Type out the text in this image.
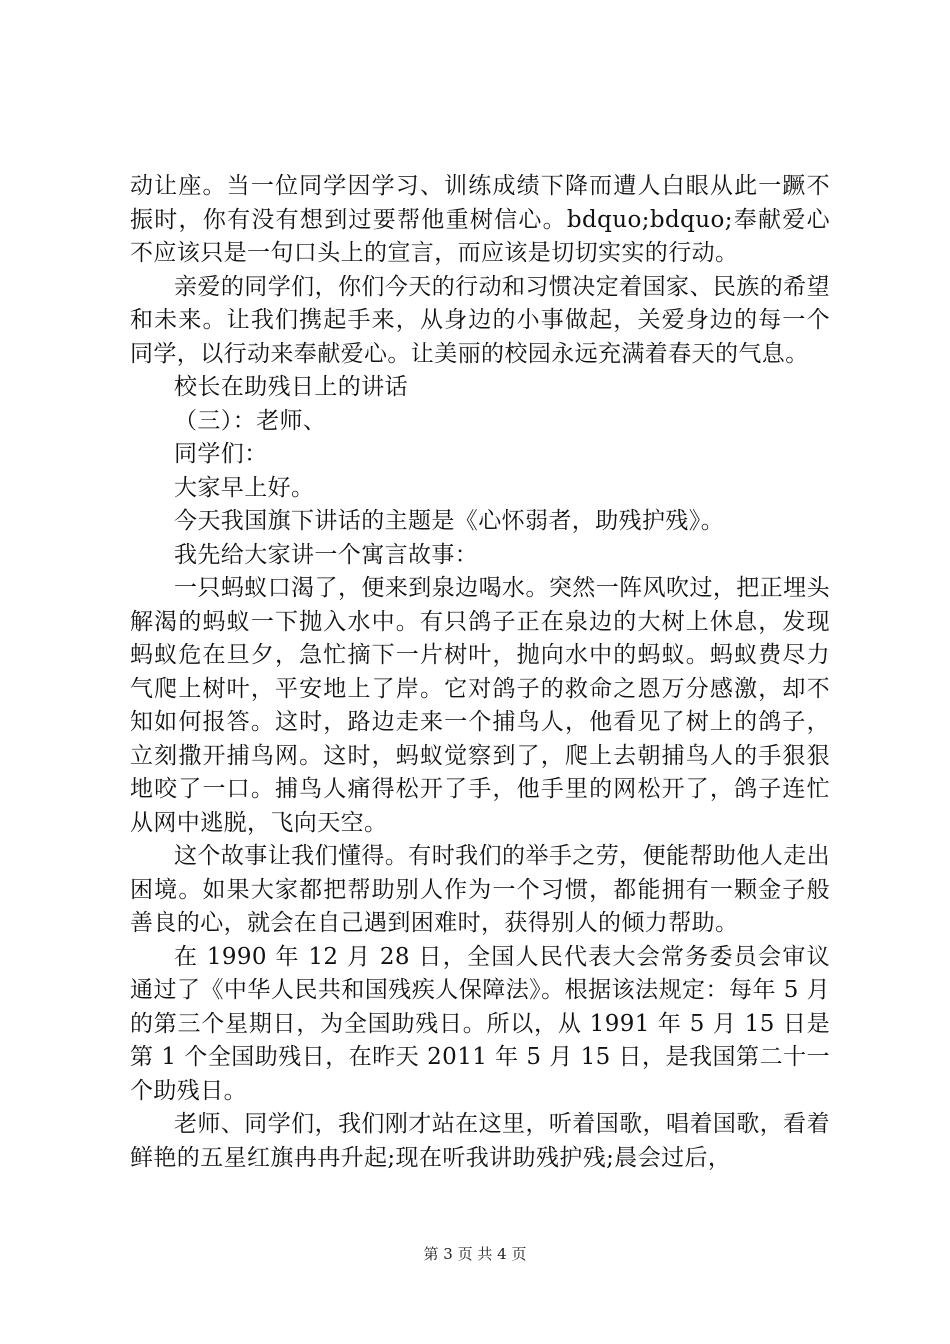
动让座。当一位同学因学习、训练成绩下降而遭人白眼从此一蹶不振时，你有没有想到过要帮他重树信心。bdquo;bdquo;奉献爱心不应该只是一句口头上的宣言，而应该是切切实实的行动。

亲爱的同学们，你们今天的行动和习惯决定着国家、民族的希望和未来。让我们携起手来，从身边的小事做起，关爱身边的每一个同学，以行动来奉献爱心。让美丽的校园永远充满着春天的气息。

校长在助残日上的讲话

（三）：老师、

同学们：

大家早上好。

今天我国旗下讲话的主题是《心怀弱者，助残护残》。

我先给大家讲一个寓言故事：

一只蚂蚁口渴了，便来到泉边喝水。突然一阵风吹过，把正埋头解渴的蚂蚁一下抛入水中。有只鸽子正在泉边的大树上休息，发现蚂蚁危在旦夕，急忙摘下一片树叶，抛向水中的蚂蚁。蚂蚁费尽力气爬上树叶，平安地上了岸。它对鸽子的救命之恩万分感激，却不知如何报答。这时，路边走来一个捕鸟人，他看见了树上的鸽子，立刻撒开捕鸟网。这时，蚂蚁觉察到了，爬上去朝捕鸟人的手狠狠地咬了一口。捕鸟人痛得松开了手，他手里的网松开了，鸽子连忙从网中逃脱，飞向天空。

这个故事让我们懂得。有时我们的举手之劳，便能帮助他人走出困境。如果大家都把帮助别人作为一个习惯，都能拥有一颗金子般善良的心，就会在自己遇到困难时，获得别人的倾力帮助。

在 1990 年 12 月 28 日，全国人民代表大会常务委员会审议通过了《中华人民共和国残疾人保障法》。根据该法规定：每年 5 月的第三个星期日，为全国助残日。所以，从 1991 年 5 月 15 日是第 1 个全国助残日，在昨天 2011 年 5 月 15 日，是我国第二十一个助残日。

老师、同学们，我们刚才站在这里，听着国歌，唱着国歌，看着鲜艳的五星红旗冉冉升起;现在听我讲助残护残;晨会过后，

第 3 页 共 4 页
